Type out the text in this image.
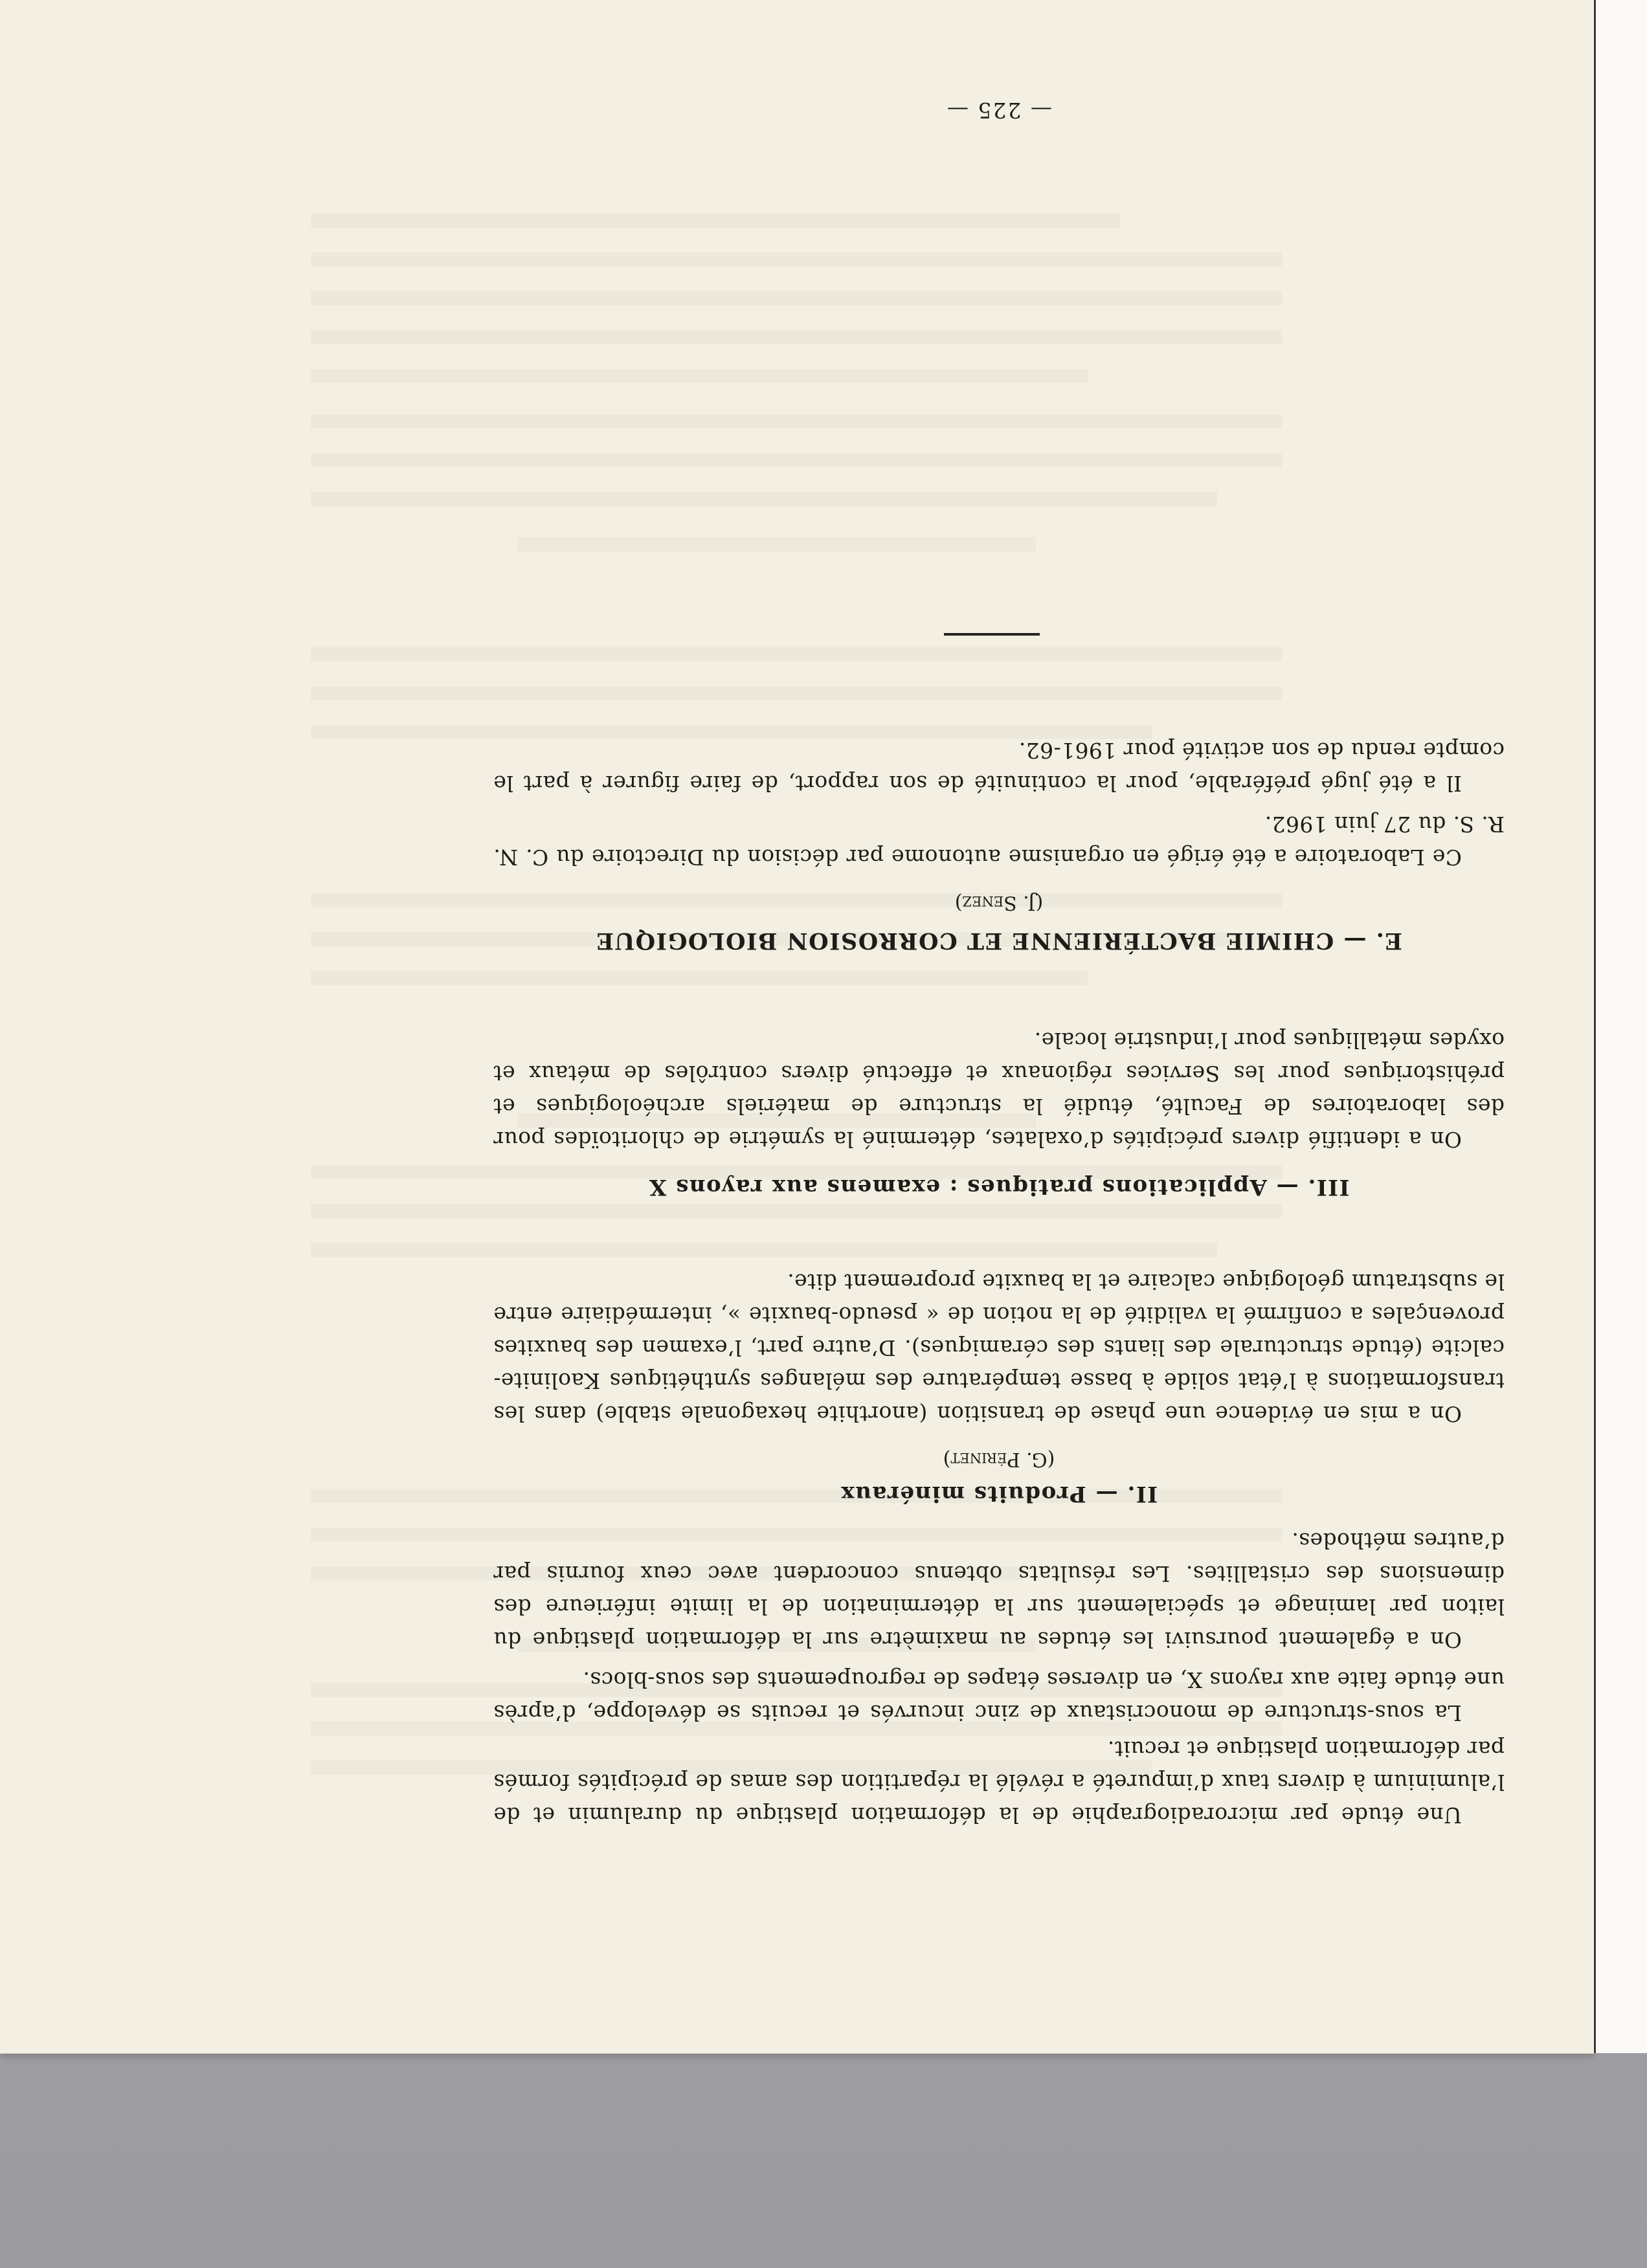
— 225 —

Une étude par microradiographie de la déformation plastique du duralumin et de l’aluminium à divers taux d’impureté a révélé la répartition des amas de précipités formés par déformation plastique et recuit.

La sous-structure de monocristaux de zinc incurvés et recuits se développe, d’après une étude faite aux rayons X, en diverses étapes de regroupements des sous-blocs.

On a également poursuivi les études au maximètre sur la déformation plastique du laiton par laminage et spécialement sur la détermination de la limite inférieure des dimensions des cristallites. Les résultats obtenus concordent avec ceux fournis par d’autres méthodes.

II. — Produits minéraux

(G. Périnet)

On a mis en évidence une phase de transition (anorthite hexagonale stable) dans les transformations à l’état solide à basse température des mélanges synthétiques Kaolinite-calcite (étude structurale des liants des céramiques). D’autre part, l’examen des bauxites provençales a confirmé la validité de la notion de « pseudo-bauxite », intermédiaire entre le substratum géologique calcaire et la bauxite proprement dite.

III. — Applications pratiques : examens aux rayons X

On a identifié divers précipités d’oxalates, déterminé la symétrie de chloritoïdes pour des laboratoires de Faculté, étudié la structure de matériels archéologiques et préhistoriques pour les Services régionaux et effectué divers contrôles de métaux et oxydes métalliques pour l’industrie locale.

E. — CHIMIE BACTÉRIENNE ET CORROSION BIOLOGIQUE

(J. Senez)

Ce Laboratoire a été érigé en organisme autonome par décision du Directoire du C. N. R. S. du 27 juin 1962.

Il a été jugé préférable, pour la continuité de son rapport, de faire figurer à part le compte rendu de son activité pour 1961-62.
